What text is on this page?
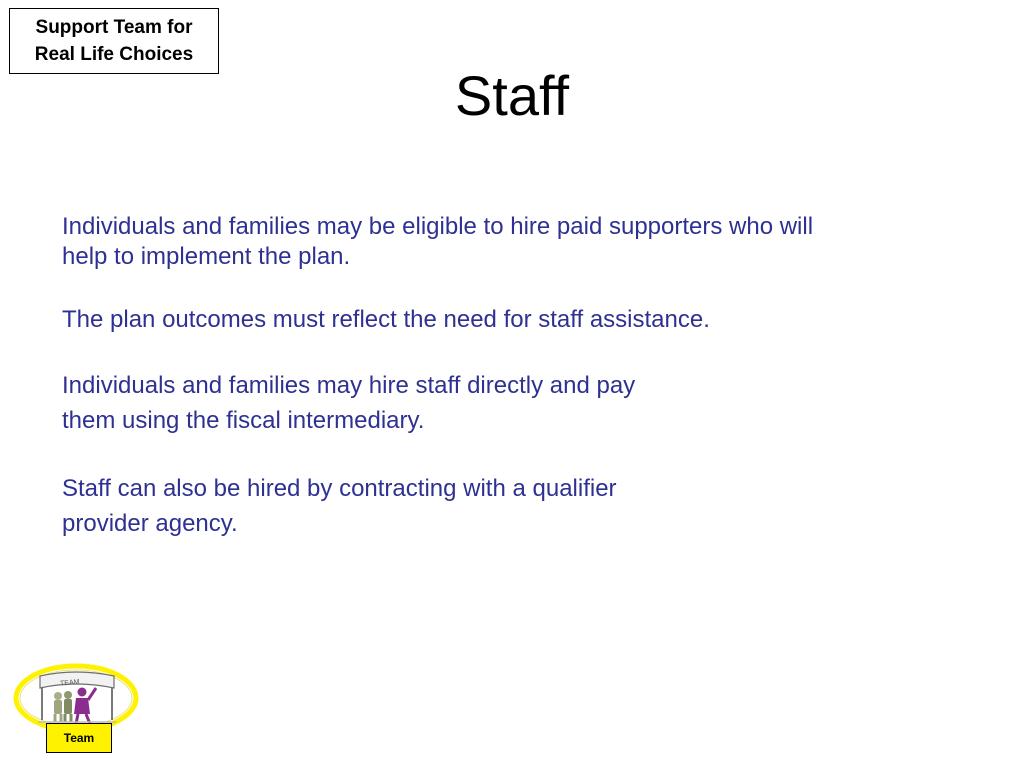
Support Team for
Real Life Choices
Staff

Individuals and families may be eligible to hire paid supporters who will
help to implement the plan.

The plan outcomes must reflect the need for staff assistance.

Individuals and families may hire staff directly and pay
them using the fiscal intermediary.

Staff can also be hired by contracting with a qualifier
provider agency.

TEAM
Team
